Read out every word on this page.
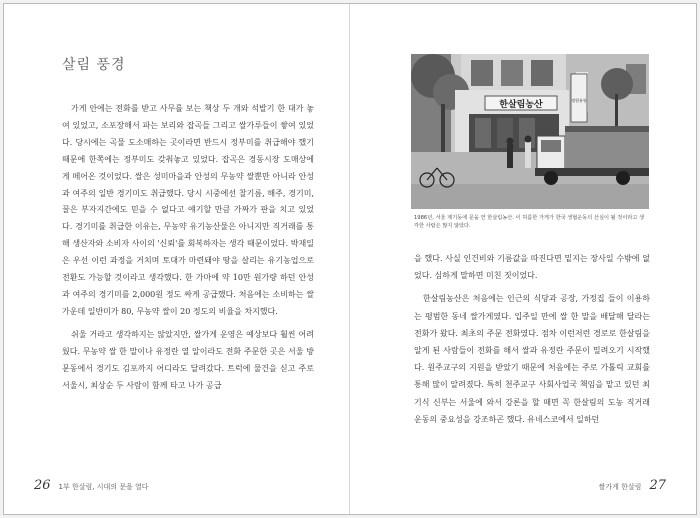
살림 풍경

가게 안에는 전화를 받고 사무를 보는 책상 두 개와 석발기 한 대가 놓여 있었고, 소포장해서 파는 보리와 잡곡들 그리고 쌀가루들이 쌓여 있었다. 당시에는 곡물 도소매하는 곳이라면 반드시 정부미를 취급해야 했기 때문에 한쪽에는 정부미도 갖춰놓고 있었다. 잡곡은 경동시장 도매상에게 떼어온 것이었다. 쌀은 성미마을과 안성의 무농약 쌀뿐만 아니라 안성과 여주의 일반 경기미도 취급했다. 당시 시중에선 찰기름, 해주, 경기미, 꿀은 부자지간에도 믿을 수 없다고 얘기할 만큼 가짜가 판을 치고 있었다. 경기미를 취급한 이유는, 무농약 유기농산물은 아니지만 직거래를 통해 생산자와 소비자 사이의 '신뢰'를 회복하자는 생각 때문이었다. 박재일은 우선 이런 과정을 거치며 토대가 마련돼야 땅을 살리는 유기농업으로 전환도 가능할 것이라고 생각했다. 한 가마에 약 10만 원가량 하던 안성과 여주의 경기미를 2,000원 정도 싸게 공급했다. 처음에는 소비하는 쌀 가운데 일반미가 80, 무농약 쌀이 20 정도의 비율을 차지했다.

쉬울 거라고 생각하지는 않았지만, 쌀가게 운영은 예상보다 훨씬 어려웠다. 무농약 쌀 한 말이나 유정란 열 알이라도 전화 주문한 곳은 서울 방문동에서 경기도 김포까지 어디라도 달려갔다. 트럭에 물건을 싣고 주로 서울시, 최상순 두 사람이 함께 타고 나가 공급

26 1부 한살림, 시대의 문을 열다
한살림농산	정원유통
1986년, 서울 제기동에 문을 연 한살림농산. 이 허름한 가게가 한국 생협운동의 산실이 될 것이라고 생각한 사람은 많지 않았다.

을 했다. 사실 인건비와 기름값을 따진다면 밑지는 장사일 수밖에 없었다. 심하게 말하면 미친 짓이었다.

한살림농산은 처음에는 인근의 식당과 공장, 가정집 들이 이용하는 평범한 동네 쌀가게였다. 입주일 만에 쌀 한 말을 배달해 달라는 전화가 왔다. 최초의 주문 전화였다. 점차 이런저런 경로로 한살림을 알게 된 사람들이 전화를 해서 쌀과 유정란 주문이 밀려오기 시작했다. 원주교구의 지원을 받았기 때문에 처음에는 주로 가톨릭 교회를 통해 많이 알려졌다. 특히 천주교구 사회사업국 책임을 맡고 있던 최기식 신부는 서울에 와서 강론을 할 때면 꼭 한살림의 도농 직거래 운동의 중요성을 강조하곤 했다. 유네스코에서 일하던

쌀가게 한살림 27
